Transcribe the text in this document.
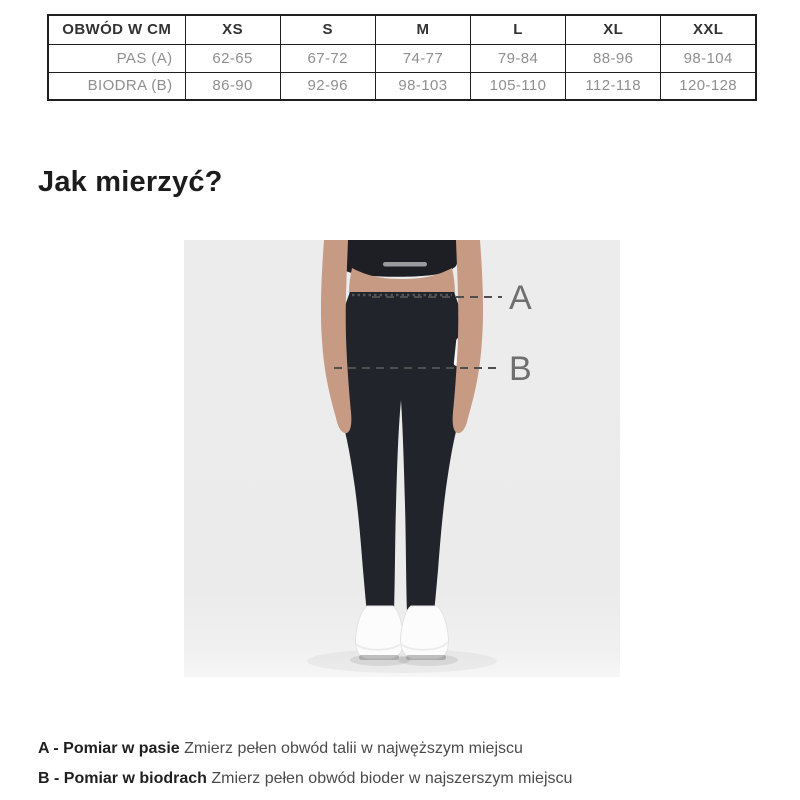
OBWÓD W CM	XS	S	M	L	XL	XXL
PAS (A)	62-65	67-72	74-77	79-84	88-96	98-104
BIODRA (B)	86-90	92-96	98-103	105-110	112-118	120-128
Jak mierzyć?
A
B
A - Pomiar w pasie Zmierz pełen obwód talii w najwęższym miejscu
B - Pomiar w biodrach Zmierz pełen obwód bioder w najszerszym miejscu
